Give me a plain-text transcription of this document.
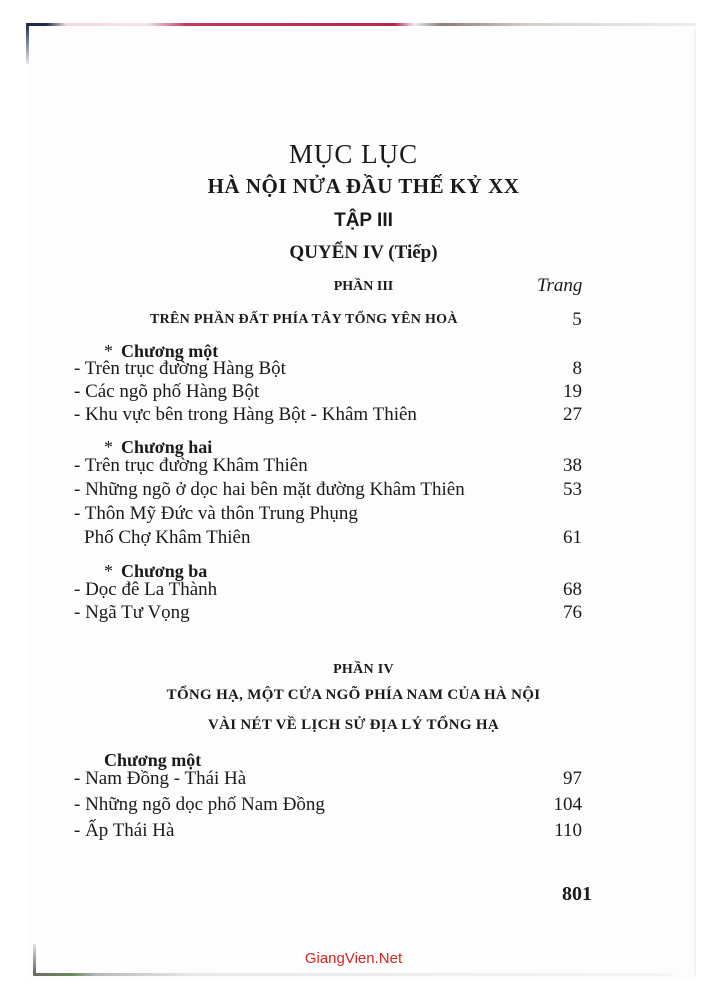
MỤC LỤC
HÀ NỘI NỬA ĐẦU THẾ KỶ XX
TẬP III
QUYỂN IV (Tiếp)
PHẦN III	Trang
TRÊN PHẦN ĐẤT PHÍA TÂY TỔNG YÊN HOÀ	5
* Chương một
- Trên trục đường Hàng Bột	8
- Các ngõ phố Hàng Bột	19
- Khu vực bên trong Hàng Bột - Khâm Thiên	27
* Chương hai
- Trên trục đường Khâm Thiên	38
- Những ngõ ở dọc hai bên mặt đường Khâm Thiên	53
- Thôn Mỹ Đức và thôn Trung Phụng
Phố Chợ Khâm Thiên	61
* Chương ba
- Dọc đê La Thành	68
- Ngã Tư Vọng	76
PHẦN IV
TỔNG HẠ, MỘT CỬA NGÕ PHÍA NAM CỦA HÀ NỘI
VÀI NÉT VỀ LỊCH SỬ ĐỊA LÝ TỔNG HẠ
Chương một
- Nam Đồng - Thái Hà	97
- Những ngõ dọc phố Nam Đồng	104
- Ấp Thái Hà	110
801
GiangVien.Net
